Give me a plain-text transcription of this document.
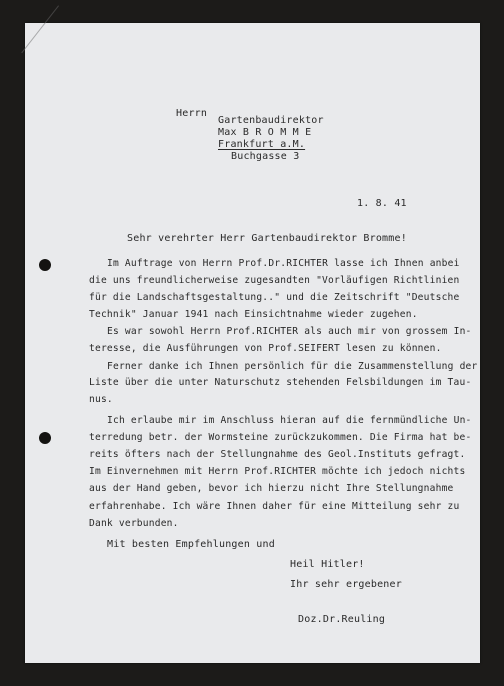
Herrn
Gartenbaudirektor
Max B R O M M E
Frankfurt a.M.
Buchgasse 3
1. 8. 41
Sehr verehrter Herr Gartenbaudirektor Bromme!
Im Auftrage von Herrn Prof.Dr.RICHTER lasse ich Ihnen anbei
die uns freundlicherweise zugesandten "Vorläufigen Richtlinien
für die Landschaftsgestaltung.." und die Zeitschrift "Deutsche
Technik" Januar 1941 nach Einsichtnahme wieder zugehen.
Es war sowohl Herrn Prof.RICHTER als auch mir von grossem In-
teresse, die Ausführungen von Prof.SEIFERT lesen zu können.
Ferner danke ich Ihnen persönlich für die Zusammenstellung der
Liste über die unter Naturschutz stehenden Felsbildungen im Tau-
nus.
Ich erlaube mir im Anschluss hieran auf die fernmündliche Un-
terredung betr. der Wormsteine zurückzukommen. Die Firma hat be-
reits öfters nach der Stellungnahme des Geol.Instituts gefragt.
Im Einvernehmen mit Herrn Prof.RICHTER möchte ich jedoch nichts
aus der Hand geben, bevor ich hierzu nicht Ihre Stellungnahme
erfahrenhabe. Ich wäre Ihnen daher für eine Mitteilung sehr zu
Dank verbunden.
Mit besten Empfehlungen und
Heil Hitler!
Ihr sehr ergebener
Doz.Dr.Reuling
